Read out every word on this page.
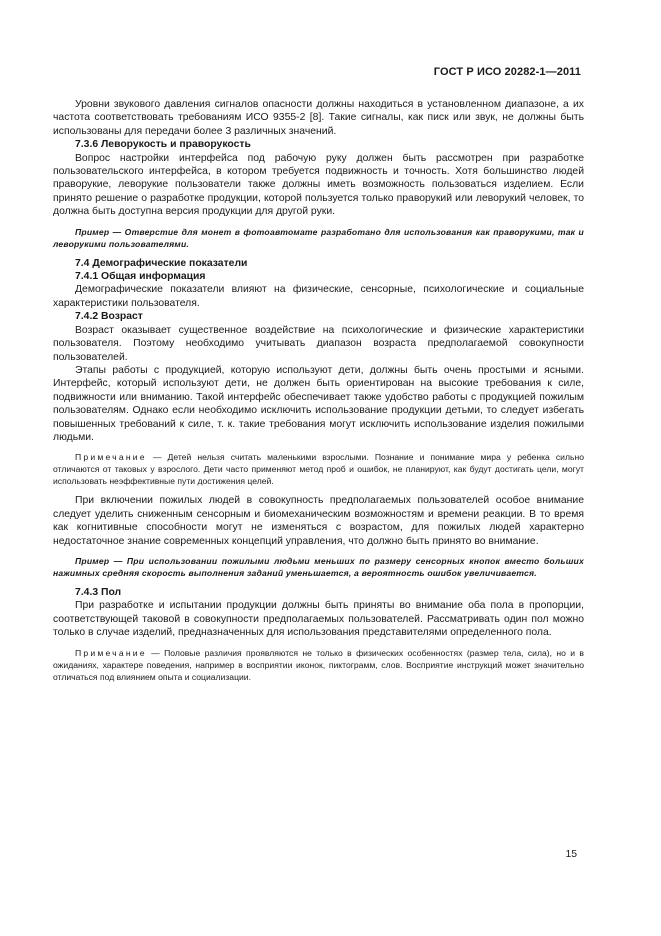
ГОСТ Р ИСО 20282-1—2011

Уровни звукового давления сигналов опасности должны находиться в установленном диапазоне, а их частота соответствовать требованиям ИСО 9355-2 [8]. Такие сигналы, как писк или звук, не должны быть использованы для передачи более 3 различных значений.

7.3.6 Леворукость и праворукость

Вопрос настройки интерфейса под рабочую руку должен быть рассмотрен при разработке пользовательского интерфейса, в котором требуется подвижность и точность. Хотя большинство людей праворукие, леворукие пользователи также должны иметь возможность пользоваться изделием. Если принято решение о разработке продукции, которой пользуется только праворукий или леворукий человек, то должна быть доступна версия продукции для другой руки.

Пример — Отверстие для монет в фотоавтомате разработано для использования как праворукими, так и леворукими пользователями.

7.4 Демографические показатели
7.4.1 Общая информация

Демографические показатели влияют на физические, сенсорные, психологические и социальные характеристики пользователя.

7.4.2 Возраст

Возраст оказывает существенное воздействие на психологические и физические характеристики пользователя. Поэтому необходимо учитывать диапазон возраста предполагаемой совокупности пользователей.

Этапы работы с продукцией, которую используют дети, должны быть очень простыми и ясными. Интерфейс, который используют дети, не должен быть ориентирован на высокие требования к силе, подвижности или вниманию. Такой интерфейс обеспечивает также удобство работы с продукцией пожилым пользователям. Однако если необходимо исключить использование продукции детьми, то следует избегать повышенных требований к силе, т. к. такие требования могут исключить использование изделия пожилыми людьми.

Примечание — Детей нельзя считать маленькими взрослыми. Познание и понимание мира у ребенка сильно отличаются от таковых у взрослого. Дети часто применяют метод проб и ошибок, не планируют, как будут достигать цели, могут использовать неэффективные пути достижения целей.

При включении пожилых людей в совокупность предполагаемых пользователей особое внимание следует уделить сниженным сенсорным и биомеханическим возможностям и времени реакции. В то время как когнитивные способности могут не изменяться с возрастом, для пожилых людей характерно недостаточное знание современных концепций управления, что должно быть принято во внимание.

Пример — При использовании пожилыми людьми меньших по размеру сенсорных кнопок вместо больших нажимных средняя скорость выполнения заданий уменьшается, а вероятность ошибок увеличивается.

7.4.3 Пол

При разработке и испытании продукции должны быть приняты во внимание оба пола в пропорции, соответствующей таковой в совокупности предполагаемых пользователей. Рассматривать один пол можно только в случае изделий, предназначенных для использования представителями определенного пола.

Примечание — Половые различия проявляются не только в физических особенностях (размер тела, сила), но и в ожиданиях, характере поведения, например в восприятии иконок, пиктограмм, слов. Восприятие инструкций может значительно отличаться под влиянием опыта и социализации.

15
